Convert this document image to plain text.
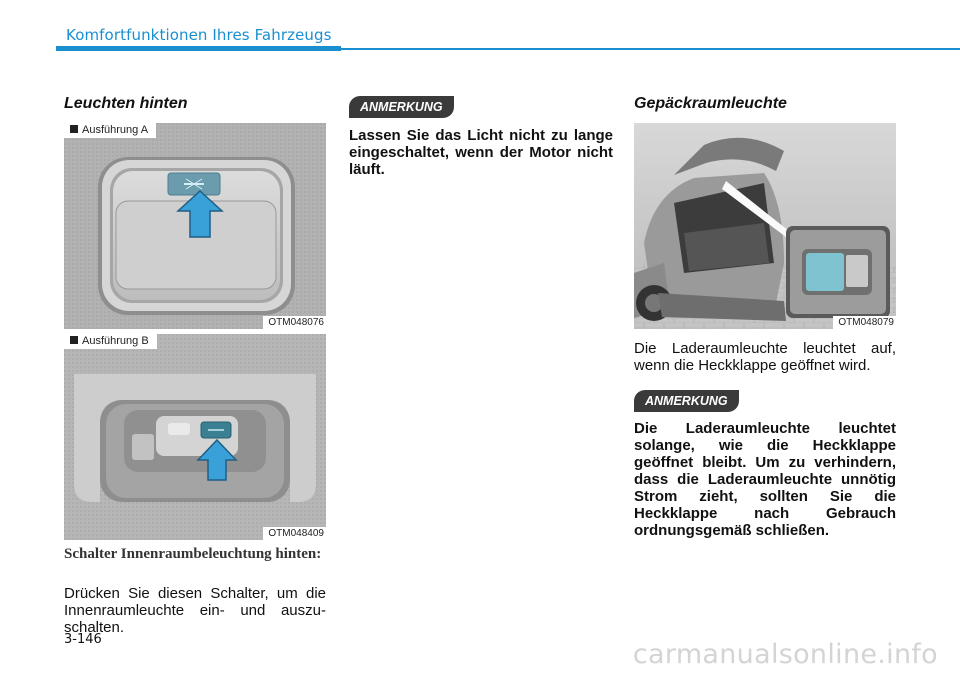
Komfortfunktionen Ihres Fahrzeugs
Leuchten hinten
Ausführung A
OTM048076
Ausführung B
OTM048409
Schalter Innenraumbeleuchtung hinten:
Drücken Sie diesen Schalter, um die Innenraumleuchte ein- und auszu-schalten.
ANMERKUNG
Lassen Sie das Licht nicht zu lange eingeschaltet, wenn der Motor nicht läuft.
Gepäckraumleuchte
OTM048079
Die Laderaumleuchte leuchtet auf, wenn die Heckklappe geöffnet wird.
ANMERKUNG
Die Laderaumleuchte leuchtet solange, wie die Heckklappe geöffnet bleibt. Um zu verhindern, dass die Laderaumleuchte unnötig Strom zieht, sollten Sie die Heckklappe nach Gebrauch ordnungsgemäß schließen.
3-146	carmanualsonline.info
